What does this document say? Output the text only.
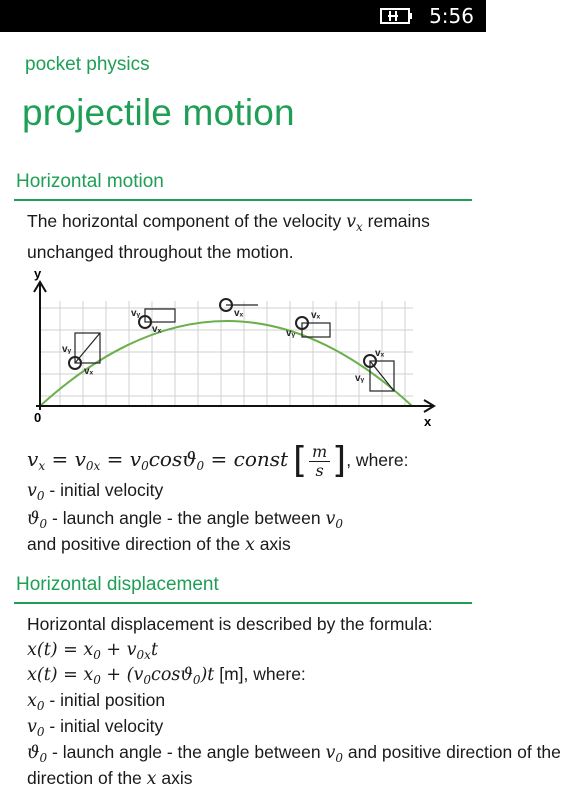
5:56
pocket physics
projectile motion
Horizontal motion
The horizontal component of the velocity $v_x$ remains unchanged throughout the motion.
y
x
0
vᵧ
vₓ
vᵧ
vₓ
vₓ	vₓ
vᵧ
vₓ
vᵧ
$v_x = v_{0x} = v_0\cos ϑ_0$ = const [ $\frac{m}{s}$ ], where:
$v_0$ - initial velocity
$ϑ_0$ - launch angle - the angle between $v_0$
and positive direction of the x axis
Horizontal displacement
Horizontal displacement is described by the formula:
$x(t) = x_0 + v_{0x}t$
$x(t) = x_0 + (v_0\cos ϑ_0)t$ [m], where:
$x_0$ - initial position
$v_0$ - initial velocity
$ϑ_0$ - launch angle - the angle between $v_0$ and positive direction of the
direction of the x axis
